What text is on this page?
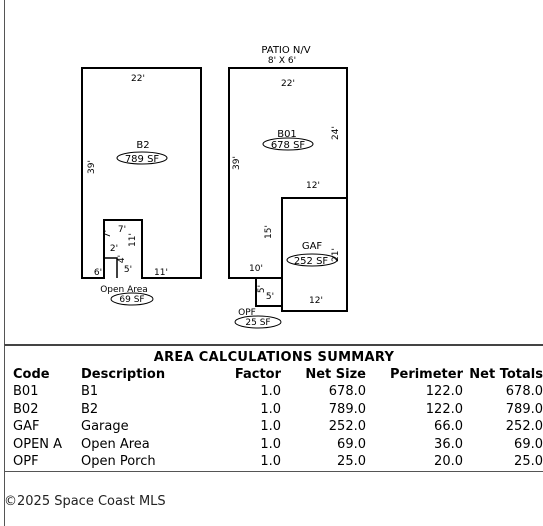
PATIO N/V
8' X 6'
22'
B2
789 SF
39'
7'
7'
2'
11'
4'
5'
6'	11'
Open Area
69 SF
22'
B01
678 SF
24'
39'
12'
15'
10'
GAF
252 SF 21'
12'
5'
5'
OPF
25 SF
AREA CALCULATIONS SUMMARY
Code	Description	Factor	Net Size	Perimeter	Net Totals
B01	B1	1.0	678.0	122.0	678.0
B02	B2	1.0	789.0	122.0	789.0
GAF	Garage	1.0	252.0	66.0	252.0
OPEN A	Open Area	1.0	69.0	36.0	69.0
OPF	Open Porch	1.0	25.0	20.0	25.0
©2025 Space Coast MLS
